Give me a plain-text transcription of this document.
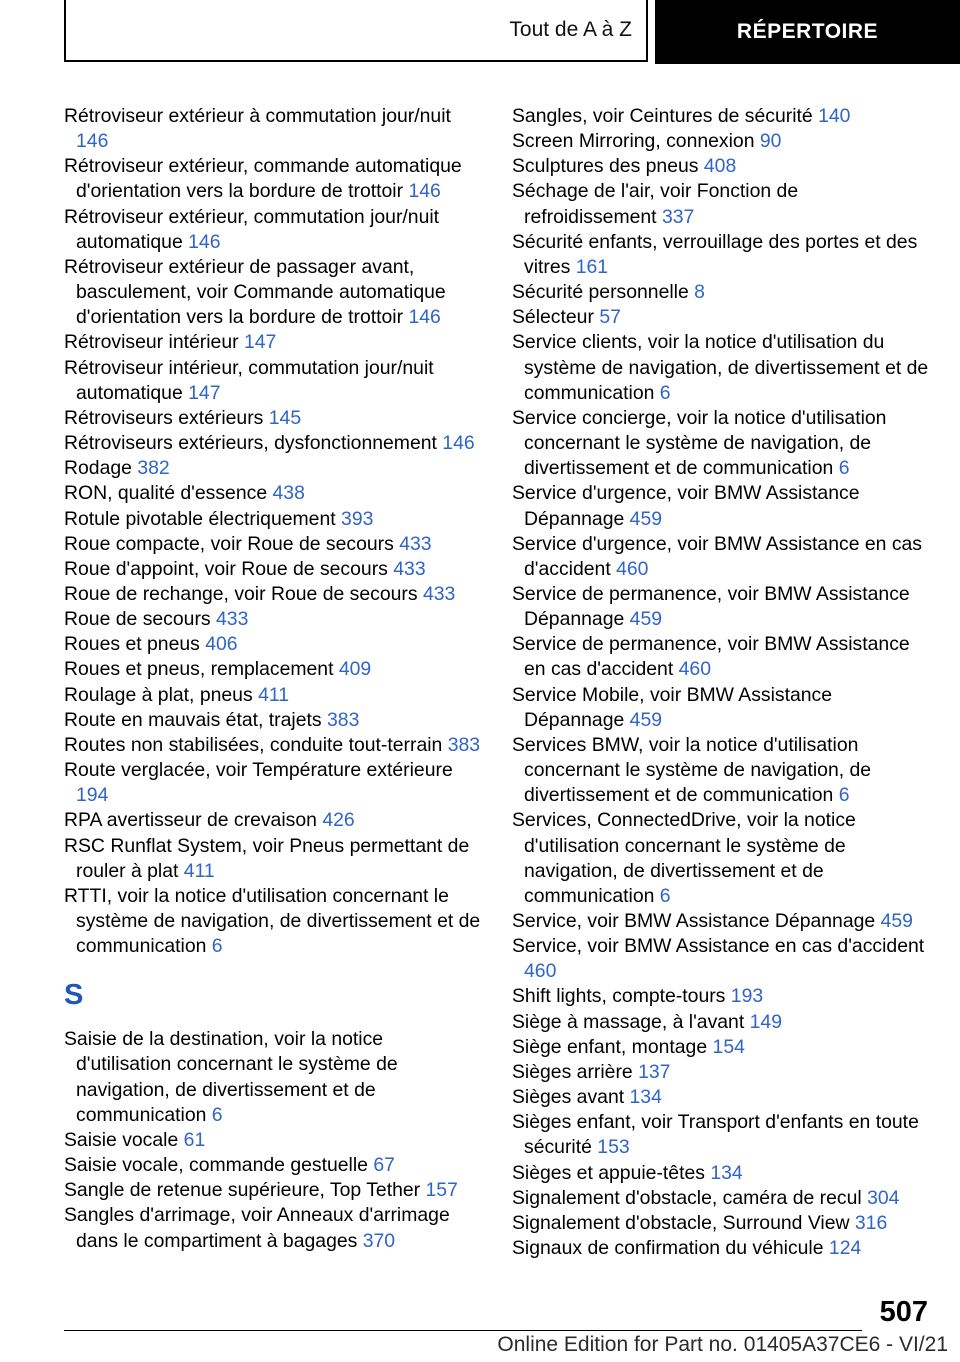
Tout de A à Z	RÉPERTOIRE
Rétroviseur extérieur à commutation jour/nuit 146
Rétroviseur extérieur, commande automatique d'orientation vers la bordure de trottoir 146
Rétroviseur extérieur, commutation jour/nuit automatique 146
Rétroviseur extérieur de passager avant, basculement, voir Commande automatique d'orientation vers la bordure de trottoir 146
Rétroviseur intérieur 147
Rétroviseur intérieur, commutation jour/nuit automatique 147
Rétroviseurs extérieurs 145
Rétroviseurs extérieurs, dysfonctionnement 146
Rodage 382
RON, qualité d'essence 438
Rotule pivotable électriquement 393
Roue compacte, voir Roue de secours 433
Roue d'appoint, voir Roue de secours 433
Roue de rechange, voir Roue de secours 433
Roue de secours 433
Roues et pneus 406
Roues et pneus, remplacement 409
Roulage à plat, pneus 411
Route en mauvais état, trajets 383
Routes non stabilisées, conduite tout-terrain 383
Route verglacée, voir Température extérieure 194
RPA avertisseur de crevaison 426
RSC Runflat System, voir Pneus permettant de rouler à plat 411
RTTI, voir la notice d'utilisation concernant le système de navigation, de divertissement et de communication 6
S
Saisie de la destination, voir la notice d'utilisation concernant le système de navigation, de divertissement et de communication 6
Saisie vocale 61
Saisie vocale, commande gestuelle 67
Sangle de retenue supérieure, Top Tether 157
Sangles d'arrimage, voir Anneaux d'arrimage dans le compartiment à bagages 370
Sangles, voir Ceintures de sécurité 140
Screen Mirroring, connexion 90
Sculptures des pneus 408
Séchage de l'air, voir Fonction de refroidissement 337
Sécurité enfants, verrouillage des portes et des vitres 161
Sécurité personnelle 8
Sélecteur 57
Service clients, voir la notice d'utilisation du système de navigation, de divertissement et de communication 6
Service concierge, voir la notice d'utilisation concernant le système de navigation, de divertissement et de communication 6
Service d'urgence, voir BMW Assistance Dépannage 459
Service d'urgence, voir BMW Assistance en cas d'accident 460
Service de permanence, voir BMW Assistance Dépannage 459
Service de permanence, voir BMW Assistance en cas d'accident 460
Service Mobile, voir BMW Assistance Dépannage 459
Services BMW, voir la notice d'utilisation concernant le système de navigation, de divertissement et de communication 6
Services, ConnectedDrive, voir la notice d'utilisation concernant le système de navigation, de divertissement et de communication 6
Service, voir BMW Assistance Dépannage 459
Service, voir BMW Assistance en cas d'accident 460
Shift lights, compte-tours 193
Siège à massage, à l'avant 149
Siège enfant, montage 154
Sièges arrière 137
Sièges avant 134
Sièges enfant, voir Transport d'enfants en toute sécurité 153
Sièges et appuie-têtes 134
Signalement d'obstacle, caméra de recul 304
Signalement d'obstacle, Surround View 316
Signaux de confirmation du véhicule 124
507
Online Edition for Part no. 01405A37CE6 - VI/21
